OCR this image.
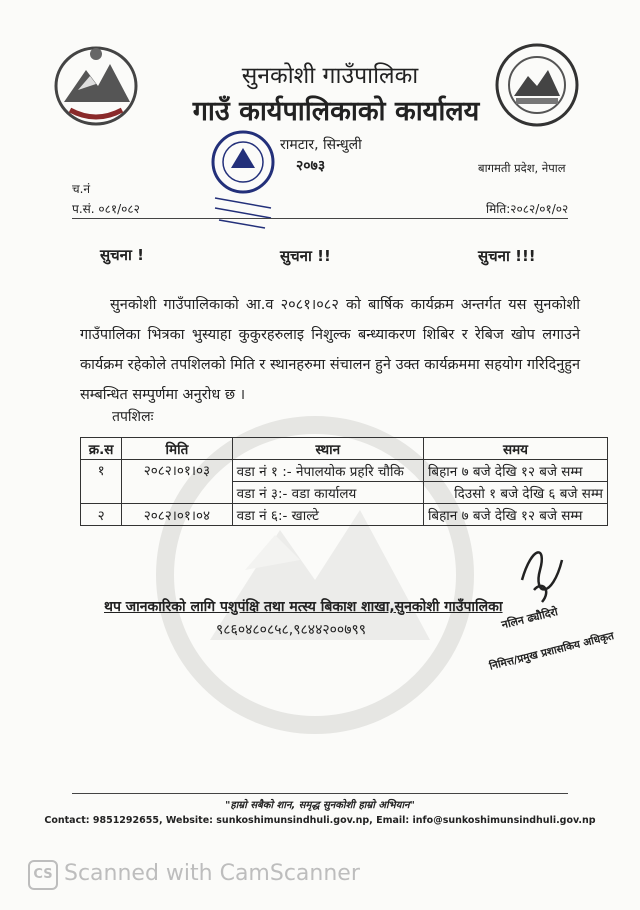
सुनकोशी गाउँपालिका
गाउँ कार्यपालिकाको कार्यालय
रामटार, सिन्धुली
२०७३	बागमती प्रदेश, नेपाल
च.नं
प.सं. ०८१/०८२	मिति:२०८२/०१/०२
सुचना !	सुचना !!	सुचना !!!
सुनकोशी गाउँपालिकाको आ.व २०८१।०८२ को बार्षिक कार्यक्रम अन्तर्गत यस सुनकोशी गाउँपालिका भित्रका भुस्याहा कुकुरहरुलाइ निशुल्क बन्ध्याकरण शिबिर र रेबिज खोप लगाउने कार्यक्रम रहेकोले तपशिलको मिति र स्थानहरुमा संचालन हुने उक्त कार्यक्रममा सहयोग गरिदिनुहुन सम्बन्धित सम्पुर्णमा अनुरोध छ ।
तपशिलः
क्र.स	मिति	स्थान	समय
१	२०८२।०१।०३	वडा नं १ :- नेपालयोक प्रहरि चौकि	बिहान ७ बजे देखि १२ बजे सम्म
		वडा नं ३:- वडा कार्यालय	दिउसो १ बजे देखि ६ बजे सम्म
२	२०८२।०१।०४	वडा नं ६:- खाल्टे	बिहान ७ बजे देखि १२ बजे सम्म
नलिन ढ्यौदिरो
निमित्त/प्रमुख प्रशासकिय अधिकृत
थप जानकारिको लागि पशुपंक्षि तथा मत्स्य बिकाश शाखा,सुनकोशी गाउँपालिका
९८६०४८०८५८,९८४४२००७९९
"हाम्रो सबैको शान, समृद्ध सुनकोशी हाम्रो अभियान"
Contact: 9851292655, Website: sunkoshimunsindhuli.gov.np, Email: info@sunkoshimunsindhuli.gov.np
CS Scanned with CamScanner
